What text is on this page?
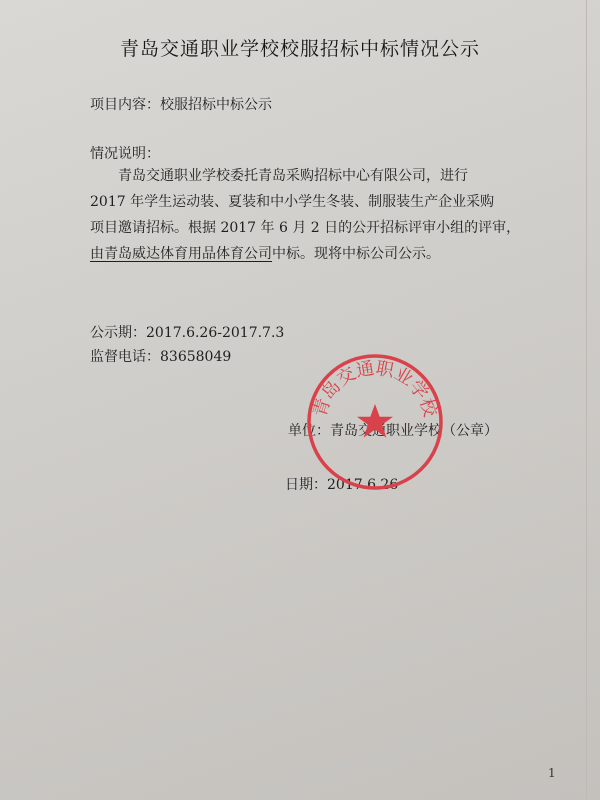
青岛交通职业学校校服招标中标情况公示
项目内容：校服招标中标公示
情况说明：
青岛交通职业学校委托青岛采购招标中心有限公司，进行
2017 年学生运动装、夏装和中小学生冬装、制服装生产企业采购
项目邀请招标。根据 2017 年 6 月 2 日的公开招标评审小组的评审，
由青岛威达体育用品体育公司中标。现将中标公司公示。
公示期：2017.6.26-2017.7.3
监督电话：83658049
单位：青岛交通职业学校（公章）
日期：2017.6.26
青岛交通职业学校
1
